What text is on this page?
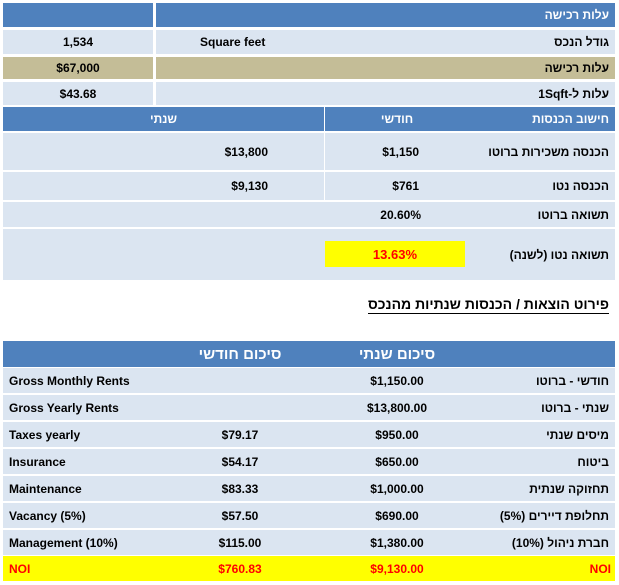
עלות רכישה
1,534	Square feet	גודל הנכס
$67,000	עלות רכישה
$43.68	עלות ל-1Sqft
שנתי	חודשי	חישוב הכנסות
$13,800	$1,150	הכנסה משכירות ברוטו
$9,130	$761	הכנסה נטו
20.60%	תשואה ברוטו
13.63%	תשואה נטו (לשנה)
פירוט הוצאות / הכנסות שנתיות מהנכס
סיכום חודשי	סיכום שנתי
Gross Monthly Rents	$1,150.00	חודשי - ברוטו
Gross Yearly Rents	$13,800.00	שנתי - ברוטו
Taxes yearly	$79.17	$950.00	מיסים שנתי
Insurance	$54.17	$650.00	ביטוח
Maintenance	$83.33	$1,000.00	תחזוקה שנתית
Vacancy (5%)	$57.50	$690.00	תחלופת דיירים (5%)
Management (10%)	$115.00	$1,380.00	חברת ניהול (10%)
NOI	$760.83	$9,130.00	NOI
